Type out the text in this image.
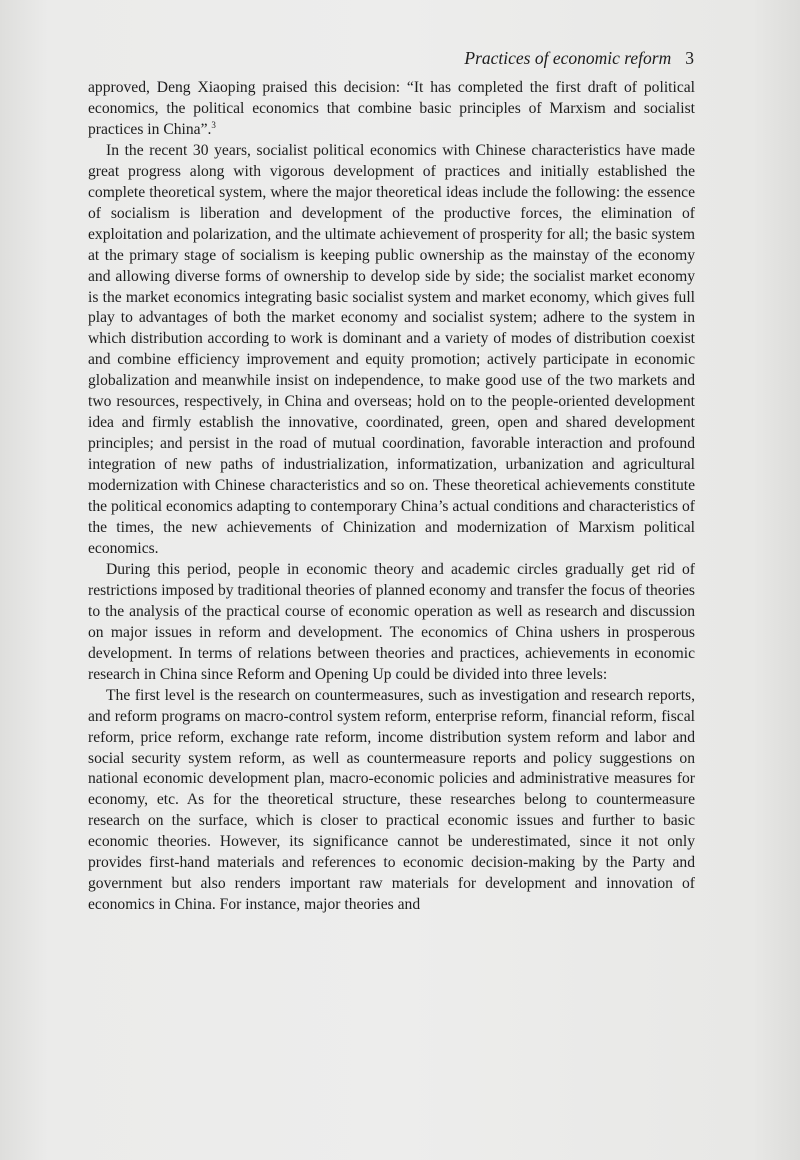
Practices of economic reform 3

approved, Deng Xiaoping praised this decision: “It has completed the first draft of political economics, the political economics that combine basic principles of Marxism and socialist practices in China”.$^3$

In the recent 30 years, socialist political economics with Chinese characteristics have made great progress along with vigorous development of practices and initially established the complete theoretical system, where the major theoretical ideas include the following: the essence of socialism is liberation and development of the productive forces, the elimination of exploitation and polarization, and the ultimate achievement of prosperity for all; the basic system at the primary stage of socialism is keeping public ownership as the mainstay of the economy and allowing diverse forms of ownership to develop side by side; the socialist market economy is the market economics integrating basic socialist system and market economy, which gives full play to advantages of both the market economy and socialist system; adhere to the system in which distribution according to work is dominant and a variety of modes of distribution coexist and combine efficiency improvement and equity promotion; actively participate in economic globalization and meanwhile insist on independence, to make good use of the two markets and two resources, respectively, in China and overseas; hold on to the people-oriented development idea and firmly establish the innovative, coordinated, green, open and shared development principles; and persist in the road of mutual coordination, favorable interaction and profound integration of new paths of industrialization, informatization, urbanization and agricultural modernization with Chinese characteristics and so on. These theoretical achievements constitute the political economics adapting to contemporary China’s actual conditions and characteristics of the times, the new achievements of Chinization and modernization of Marxism political economics.

During this period, people in economic theory and academic circles gradually get rid of restrictions imposed by traditional theories of planned economy and transfer the focus of theories to the analysis of the practical course of economic operation as well as research and discussion on major issues in reform and development. The economics of China ushers in prosperous development. In terms of relations between theories and practices, achievements in economic research in China since Reform and Opening Up could be divided into three levels:

The first level is the research on countermeasures, such as investigation and research reports, and reform programs on macro-control system reform, enterprise reform, financial reform, fiscal reform, price reform, exchange rate reform, income distribution system reform and labor and social security system reform, as well as countermeasure reports and policy suggestions on national economic development plan, macro-economic policies and administrative measures for economy, etc. As for the theoretical structure, these researches belong to countermeasure research on the surface, which is closer to practical economic issues and further to basic economic theories. However, its significance cannot be underestimated, since it not only provides first-hand materials and references to economic decision-making by the Party and government but also renders important raw materials for development and innovation of economics in China. For instance, major theories and
